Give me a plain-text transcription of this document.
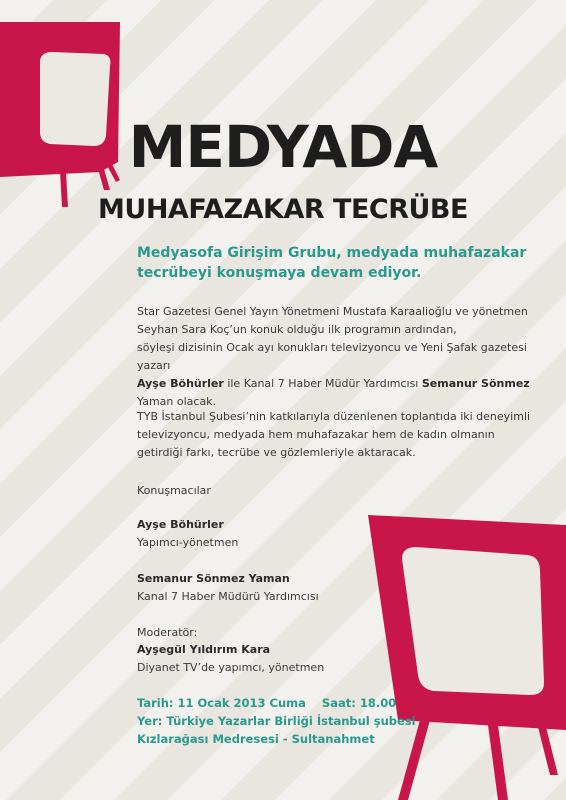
MEDYADA
MUHAFAZAKAR TECRÜBE

Medyasofa Girişim Grubu, medyada muhafazakar tecrübeyi konuşmaya devam ediyor.

Star Gazetesi Genel Yayın Yönetmeni Mustafa Karaalioğlu ve yönetmen

Seyhan Sara Koç’un konuk olduğu ilk programın ardından,

söyleşi dizisinin Ocak ayı konukları televizyoncu ve Yeni Şafak gazetesi yazarı

Ayşe Böhürler ile Kanal 7 Haber Müdür Yardımcısı Semanur Sönmez Yaman olacak.

TYB İstanbul Şubesi’nin katkılarıyla düzenlenen toplantıda iki deneyimli televizyoncu, medyada hem muhafazakar hem de kadın olmanın getirdiği farkı, tecrübe ve gözlemleriyle aktaracak.

Konuşmacılar

Ayşe Böhürler

Yapımcı-yönetmen

Semanur Sönmez Yaman

Kanal 7 Haber Müdürü Yardımcısı

Moderatör:

Ayşegül Yıldırım Kara

Diyanet TV’de yapımcı, yönetmen

Tarih: 11 Ocak 2013 Cuma Saat: 18.00

Yer: Türkiye Yazarlar Birliği İstanbul şubesi

Kızlarağası Medresesi - Sultanahmet
